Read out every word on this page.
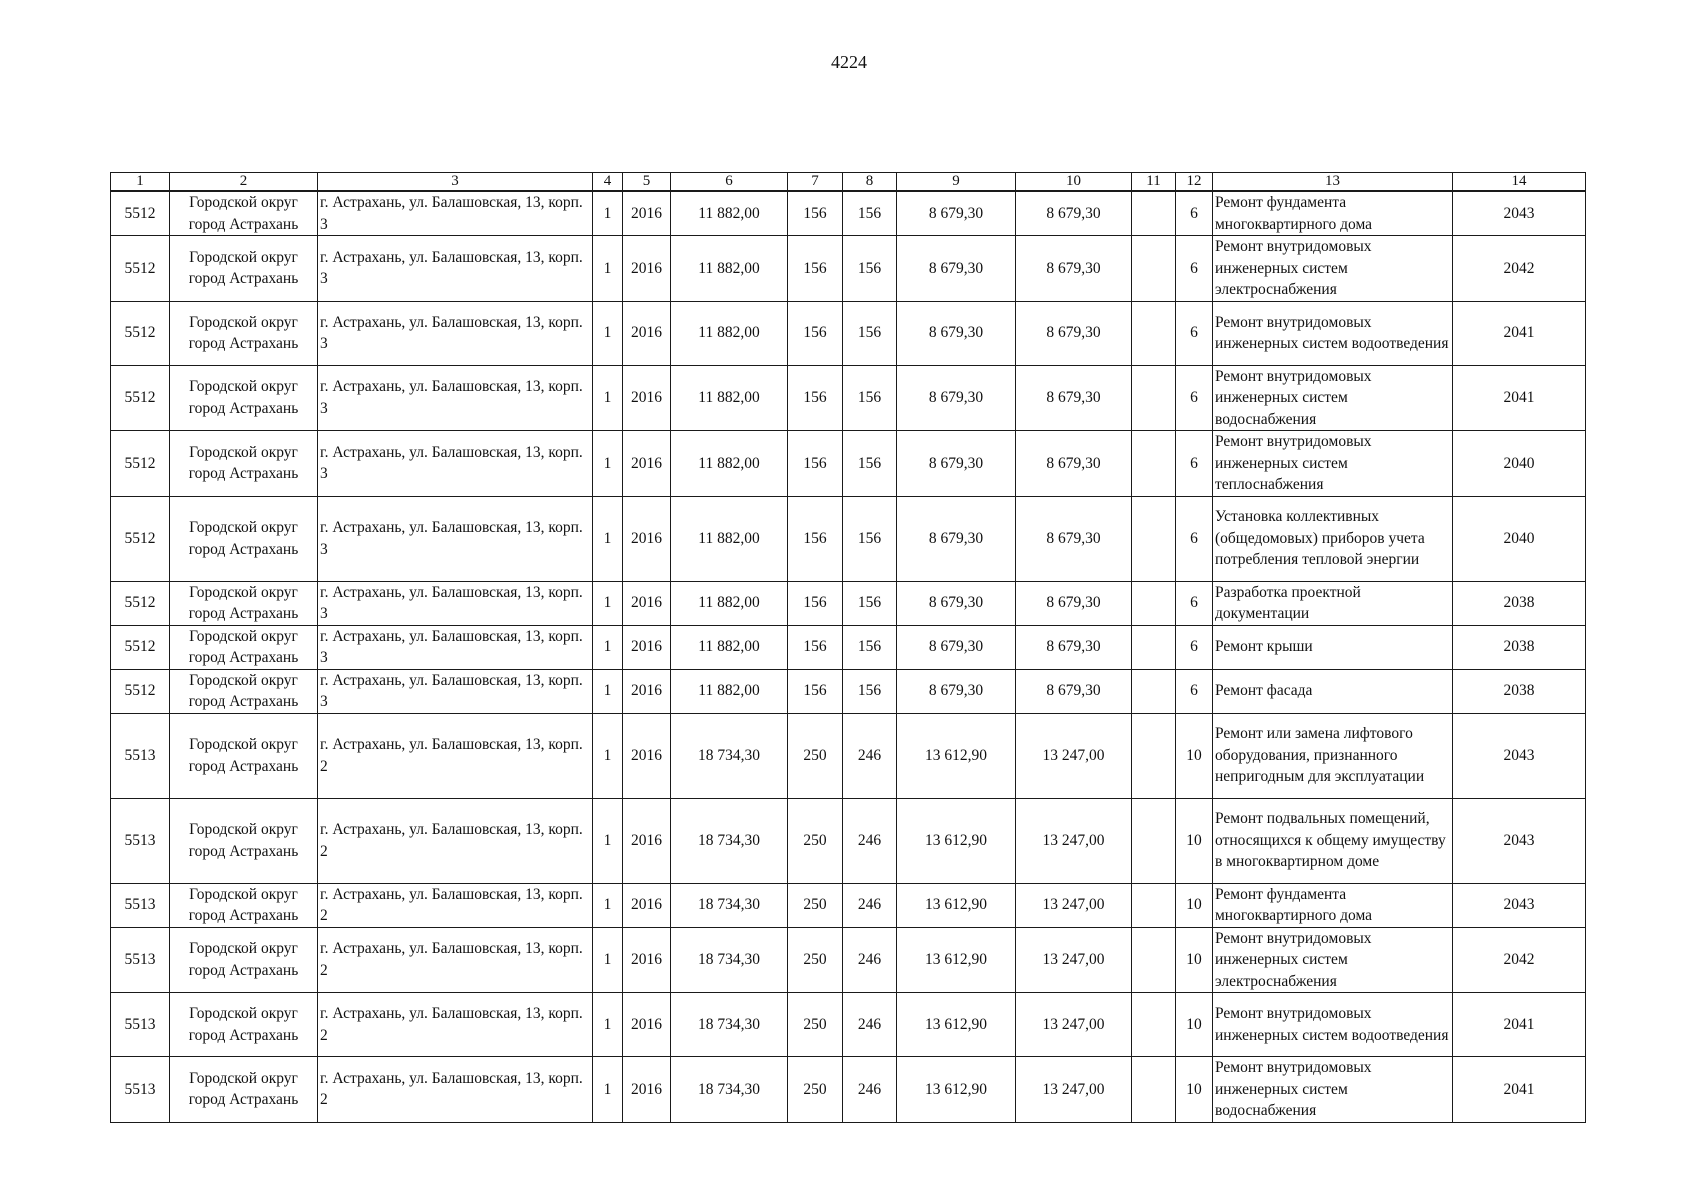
4224
1	2	3	4	5	6	7	8	9	10	11	12	13	14
5512	Городской округ город Астрахань	г. Астрахань, ул. Балашовская, 13, корп. 3	1	2016	11 882,00	156	156	8 679,30	8 679,30		6	Ремонт фундамента многоквартирного дома	2043
5512	Городской округ город Астрахань	г. Астрахань, ул. Балашовская, 13, корп. 3	1	2016	11 882,00	156	156	8 679,30	8 679,30		6	Ремонт внутридомовых инженерных систем электроснабжения	2042
5512	Городской округ город Астрахань	г. Астрахань, ул. Балашовская, 13, корп. 3	1	2016	11 882,00	156	156	8 679,30	8 679,30		6	Ремонт внутридомовых инженерных систем водоотведения	2041
5512	Городской округ город Астрахань	г. Астрахань, ул. Балашовская, 13, корп. 3	1	2016	11 882,00	156	156	8 679,30	8 679,30		6	Ремонт внутридомовых инженерных систем водоснабжения	2041
5512	Городской округ город Астрахань	г. Астрахань, ул. Балашовская, 13, корп. 3	1	2016	11 882,00	156	156	8 679,30	8 679,30		6	Ремонт внутридомовых инженерных систем теплоснабжения	2040
5512	Городской округ город Астрахань	г. Астрахань, ул. Балашовская, 13, корп. 3	1	2016	11 882,00	156	156	8 679,30	8 679,30		6	Установка коллективных (общедомовых) приборов учета потребления тепловой энергии	2040
5512	Городской округ город Астрахань	г. Астрахань, ул. Балашовская, 13, корп. 3	1	2016	11 882,00	156	156	8 679,30	8 679,30		6	Разработка проектной документации	2038
5512	Городской округ город Астрахань	г. Астрахань, ул. Балашовская, 13, корп. 3	1	2016	11 882,00	156	156	8 679,30	8 679,30		6	Ремонт крыши	2038
5512	Городской округ город Астрахань	г. Астрахань, ул. Балашовская, 13, корп. 3	1	2016	11 882,00	156	156	8 679,30	8 679,30		6	Ремонт фасада	2038
5513	Городской округ город Астрахань	г. Астрахань, ул. Балашовская, 13, корп. 2	1	2016	18 734,30	250	246	13 612,90	13 247,00		10	Ремонт или замена лифтового оборудования, признанного непригодным для эксплуатации	2043
5513	Городской округ город Астрахань	г. Астрахань, ул. Балашовская, 13, корп. 2	1	2016	18 734,30	250	246	13 612,90	13 247,00		10	Ремонт подвальных помещений, относящихся к общему имуществу в многоквартирном доме	2043
5513	Городской округ город Астрахань	г. Астрахань, ул. Балашовская, 13, корп. 2	1	2016	18 734,30	250	246	13 612,90	13 247,00		10	Ремонт фундамента многоквартирного дома	2043
5513	Городской округ город Астрахань	г. Астрахань, ул. Балашовская, 13, корп. 2	1	2016	18 734,30	250	246	13 612,90	13 247,00		10	Ремонт внутридомовых инженерных систем электроснабжения	2042
5513	Городской округ город Астрахань	г. Астрахань, ул. Балашовская, 13, корп. 2	1	2016	18 734,30	250	246	13 612,90	13 247,00		10	Ремонт внутридомовых инженерных систем водоотведения	2041
5513	Городской округ город Астрахань	г. Астрахань, ул. Балашовская, 13, корп. 2	1	2016	18 734,30	250	246	13 612,90	13 247,00		10	Ремонт внутридомовых инженерных систем водоснабжения	2041
